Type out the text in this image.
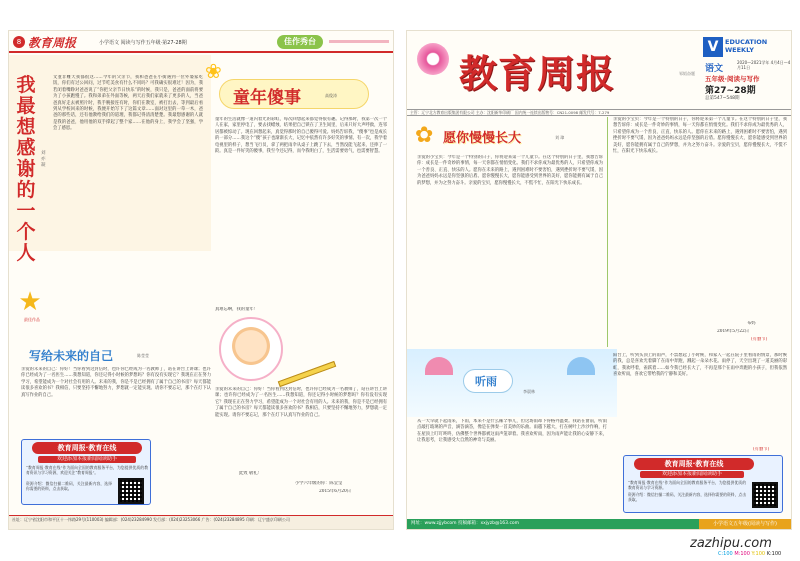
8 教育周报	小学语文 阅读与写作五年级·第27-28期	佳作秀台
我
最
想
感
谢
的
一
个
人
刘亦凝
文並非難天我都很这……今年的父亲节，我和爸爸在小街遇到一位外婆家吃饭，你们有过公回问，过节吃美食有什么不同吗？可我确实很难过！因为，我若闭着嘴睁对爸爸说了“你把父亲节日快乐”的时候，我只是，爸爸的面前将要为了小孩跑慢了。我和弟弟在外面等候，两天后我们家就来了更多的人，当爸爸真好走去被照片时，我手腕接连有时，你们在教室，被打出去，等到最后看到从学校回来的时候，我便开始写下了这篇文章……面对这里的一草一木，爸爸的那些话，还有他教给我们的道理，我都记得清清楚楚。我最想感谢的人就是我的爸爸，他用他的双手撑起了整个家……在他的身上，我学会了坚强，学会了感恩。
★
最佳作品
❀
童年傻事	高俊涛
童年的生活就像一道闪着光的彩虹，每次回想起来都觉得很有趣。记得那时，我第一次一个人在家，家里停电了，要去找蜡烛，结果把自己锁在了卫生间里，后来只好大声呼救，连邻居都被惊动了。现在回想起来，真觉得那时的自己傻得可爱。妈妈告诉我，“傻事”也是成长的一部分……我这个“傻”孩子也渐渐长大，记忆中依然有许多好笑的事情。有一次，我学着电视里的样子，想当飞行员，拿了两把雨伞从桌子上跳了下去，当然没能飞起来，还摔了一跤。真是一件好笑的傻事，我至今还记得，而今我明白了，生活需要勇气，也需要智慧。
真难忘啊，我的童年！
写给未来的自己	陈莹莹
亲爱的未来的自己：你好！当你看到这封信时，也许你已经成为一名教师了，站在讲台上讲课；也许你已经成为了一名医生……我想知道，你还记得小时候的梦想吗？你有没有实现它？我现在正在努力学习，希望能成为一个对社会有用的人。未来的我，你是不是已经拥有了属于自己的书房？每天都能读很多喜欢的书？我相信，只要坚持不懈地努力，梦想就一定能实现。请你不要忘记，那个在灯下认真写作业的自己。
亲爱的未来的自己：你好！当你看到这封信时，也许你已经成为一名教师了，站在讲台上讲课；也许你已经成为了一名医生……我想知道，你还记得小时候的梦想吗？你有没有实现它？我现在正在努力学习，希望能成为一个对社会有用的人。未来的我，你是不是已经拥有了属于自己的书房？每天都能读很多喜欢的书？我相信，只要坚持不懈地努力，梦想就一定能实现。请你不要忘记，那个在灯下认真写作业的自己。
此致 敬礼！
小学六年级的你：陈莹莹
2015年6月20日
教育周报·教育在线
欢迎添加本报新闻阅读助手
“教育周报·教育在线”作为面向全国的教育服务平台，为您提供优质的教育资讯与学习资源，欢迎关注“教育周报”。
资源介绍：微信扫描二维码，关注最新内容，选择你需要的资料，点击获取。
社址：辽宁省沈阳市和平区十一纬路29号(110003) 编辑部：(024)23284990 发行部：(024)23253066 广告：(024)23284895 印刷：辽宁盛京印刷公司
教育周报	邹韬奋题
V	EDUCATION
WEEKLY
语文
2020—2021学年 4月4日—4月11日
五年级·阅读与写作
第27~28期
总第547~548期
主管：辽宁北方教育出版集团有限公司 主办：沈阳新华印刷厂 国内统一连续出版物号：CN21-0098 邮发代号：7-279
✿ 愿你慢慢长大	刘 璋
亲爱的小宝贝：今年是一个特别的日子，你将迎来第一个儿童节。在这个特别的日子里，我想告诉你：成长是一件奇妙的事情，每一天你都在悄悄变化。我们不求你成为最优秀的人，只希望你成为一个善良、正直、快乐的人。愿你在未来的路上，遇到困难时不要害怕，遇到挫折时不要气馁，因为爸爸妈妈永远是你坚强的后盾。愿你慢慢长大，愿你能感受到世界的美好，愿你能拥有属于自己的梦想，并为之努力奋斗。亲爱的宝贝，愿你慢慢长大，不慌不忙，在阳光下快乐成长。
亲爱的小宝贝：今年是一个特别的日子，你将迎来第一个儿童节。在这个特别的日子里，我想告诉你：成长是一件奇妙的事情，每一天你都在悄悄变化。我们不求你成为最优秀的人，只希望你成为一个善良、正直、快乐的人。愿你在未来的路上，遇到困难时不要害怕，遇到挫折时不要气馁，因为爸爸妈妈永远是你坚强的后盾。愿你慢慢长大，愿你能感受到世界的美好，愿你能拥有属于自己的梦想，并为之努力奋斗。亲爱的宝贝，愿你慢慢长大，不慌不忙，在阳光下快乐成长。
布妈
2019年5月22日
(有删节)
听雨
李晨林
从一大早就下起雨来，下雨，本来不是什么稀罕事儿，但这场雨却下得格外温柔。我站在窗前，听雨点敲打玻璃的声音，滴答滴答，像是在弹奏一首美妙的乐曲。雨越下越大，打在树叶上沙沙作响，打在屋顶上叮叮咚咚，仿佛整个世界都被这雨声笼罩着。我喜欢听雨，因为雨声能让我的心安静下来，让我思考，让我感受大自然的神奇与美丽。
阳台上，听到头顶上的雨声，不禁想起了小时候，和家人一起在院子里看雨的情景，那时候的我，总是喜欢光着脚丫在雨中奔跑，溅起一朵朵水花。雨停了，天空出现了一道美丽的彩虹，我欢呼着，雀跃着……如今我已经长大了，不再是那个在雨中奔跑的小孩子，但我依然喜欢听雨，喜欢它带给我的宁静和美好。
(有删节)
教育周报·教育在线
欢迎添加本报新闻阅读助手
“教育周报·教育在线”作为面向全国的教育服务平台，为您提供优质的教育资讯与学习资源。
资源介绍：微信扫描二维码，关注最新内容，选择你需要的资料，点击获取。
网址：www.zjjybcom 投稿邮箱：xxjyzb@163.com	小学语文五年级(阅读与写作)
zazhipu.com
C:100 M:100 Y:100 K:100
